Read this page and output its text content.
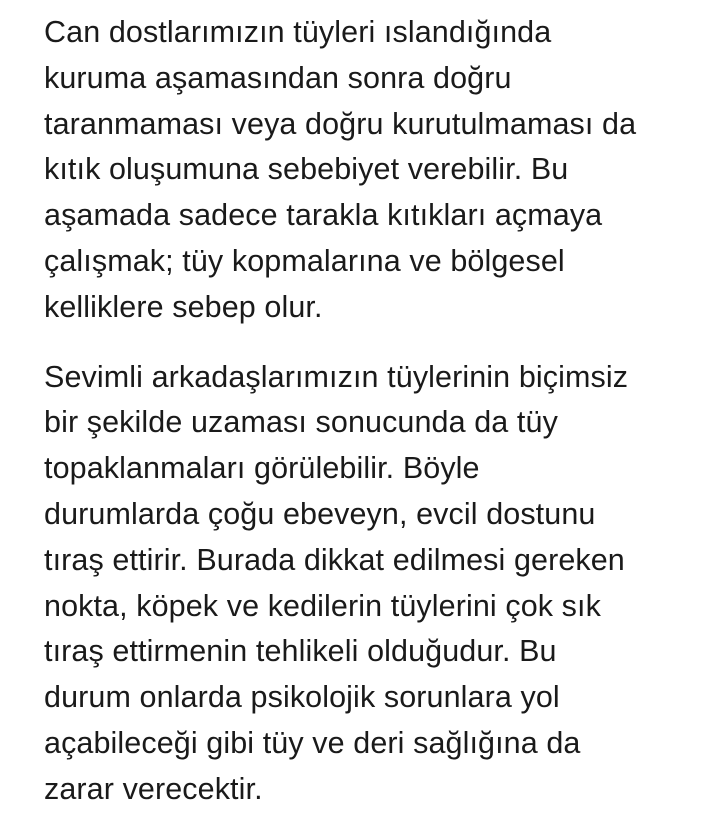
Can dostlarımızın tüyleri ıslandığında
kuruma aşamasından sonra doğru
taranmaması veya doğru kurutulmaması da
kıtık oluşumuna sebebiyet verebilir. Bu
aşamada sadece tarakla kıtıkları açmaya
çalışmak; tüy kopmalarına ve bölgesel
kelliklere sebep olur.

Sevimli arkadaşlarımızın tüylerinin biçimsiz
bir şekilde uzaması sonucunda da tüy
topaklanmaları görülebilir. Böyle
durumlarda çoğu ebeveyn, evcil dostunu
tıraş ettirir. Burada dikkat edilmesi gereken
nokta, köpek ve kedilerin tüylerini çok sık
tıraş ettirmenin tehlikeli olduğudur. Bu
durum onlarda psikolojik sorunlara yol
açabileceği gibi tüy ve deri sağlığına da
zarar verecektir.
